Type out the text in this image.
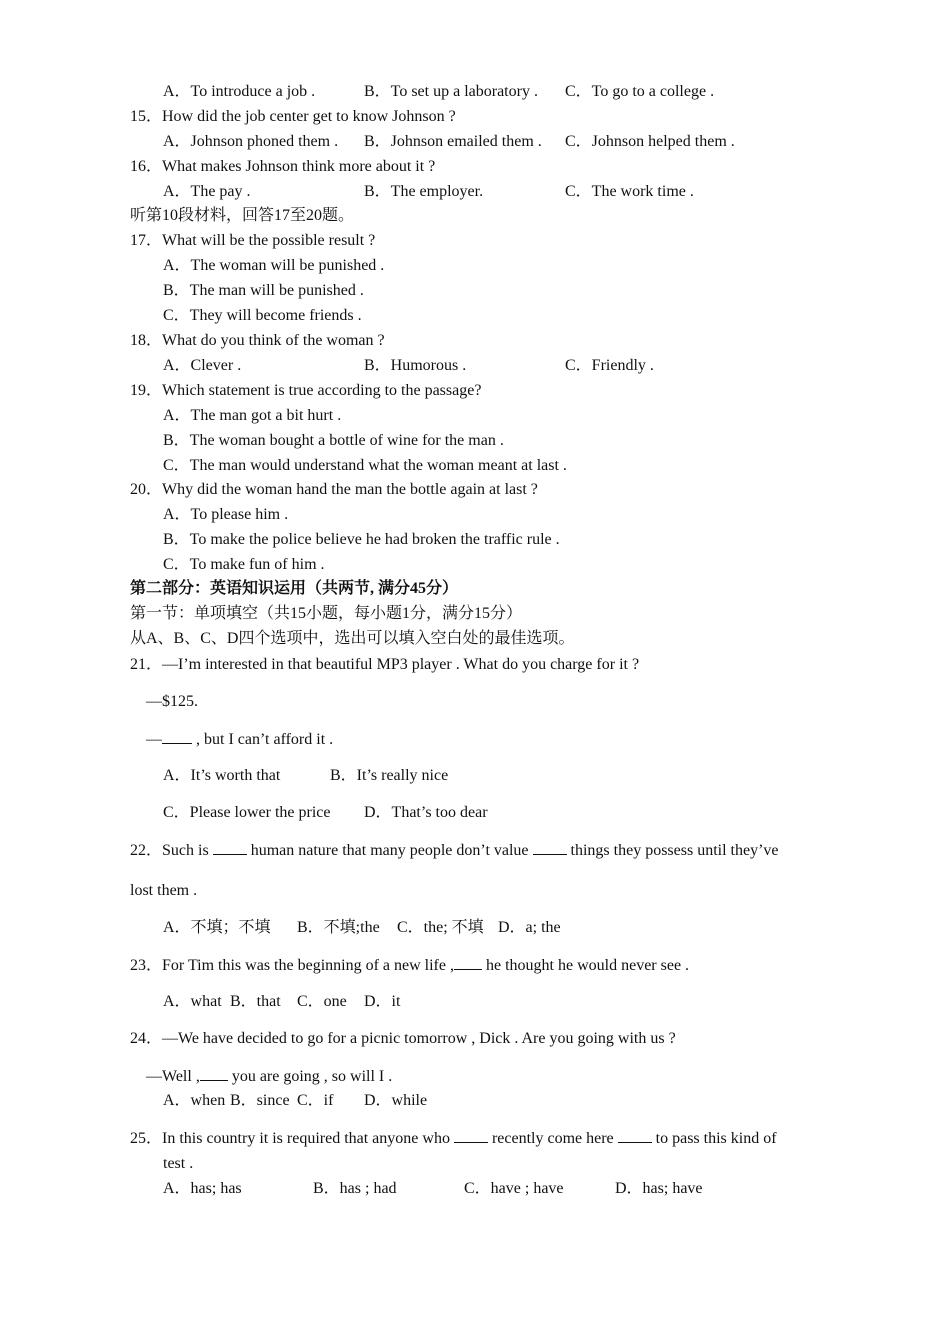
A．To introduce a job .	B．To set up a laboratory . C．To go to a college .
15．How did the job center get to know Johnson ?
A．Johnson phoned them . B．Johnson emailed them . C．Johnson helped them .
16．What makes Johnson think more about it ?
A．The pay .	B．The employer.	C．The work time .
听第10段材料，回答17至20题。
17．What will be the possible result ?
A．The woman will be punished .
B．The man will be punished .
C．They will become friends .
18．What do you think of the woman ?
A．Clever .	B．Humorous .	C．Friendly .
19．Which statement is true according to the passage?
A．The man got a bit hurt .
B．The woman bought a bottle of wine for the man .
C．The man would understand what the woman meant at last .
20．Why did the woman hand the man the bottle again at last ?
A．To please him .
B．To make the police believe he had broken the traffic rule .
C．To make fun of him .
第二部分：英语知识运用（共两节, 满分45分）
第一节：单项填空（共15小题，每小题1分，满分15分）
从A、B、C、D四个选项中，选出可以填入空白处的最佳选项。
21．—I’m interested in that beautiful MP3 player . What do you charge for it ?
—$125.
— , but I can’t afford it .
A．It’s worth that	B．It’s really nice
C．Please lower the price D．That’s too dear
22．Such is  human nature that many people don’t value  things they possess until they’ve
lost them .
A．不填；不填 B．不填;the C．the; 不填 D．a; the
23．For Tim this was the beginning of a new life , he thought he would never see .
A．what B．that C．one D．it
24．—We have decided to go for a picnic tomorrow , Dick . Are you going with us ?
—Well , you are going , so will I .
A．when B．since C．if D．while
25．In this country it is required that anyone who  recently come here  to pass this kind of
test .
A．has; has	B．has ; had	C．have ; have	D．has; have
